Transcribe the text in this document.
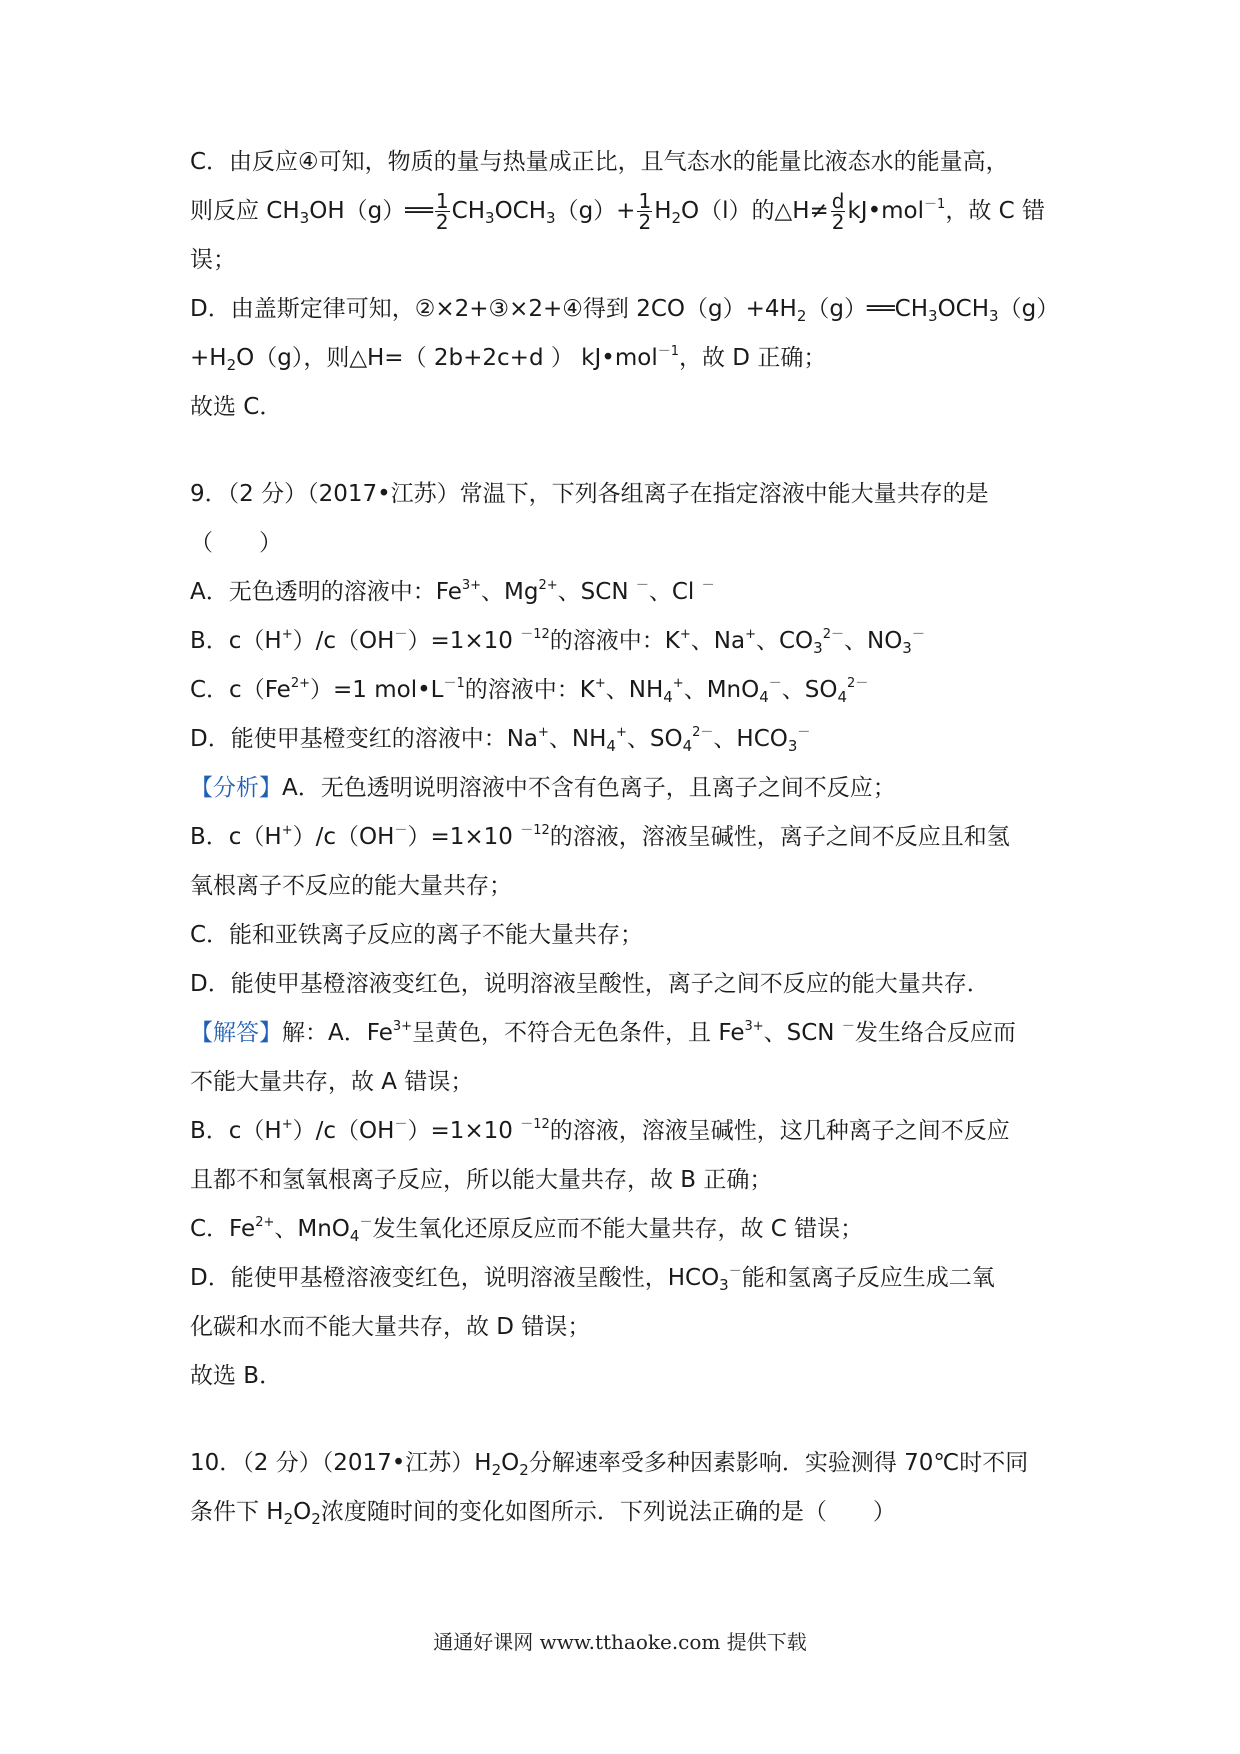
C．由反应④可知，物质的量与热量成正比，且气态水的能量比液态水的能量高，
则反应 $CH_3OH(g)══ \frac{1}{2} CH_3OCH_3(g)+ \frac{1}{2} H_2O(l)$的△H≠ $\frac{d}{2}$ kJ•mol$^{-1}$，故 C 错
误；
D．由盖斯定律可知，②×2+③×2+④得到 $2CO(g)+4H_2(g)══CH_3OCH_3(g)$
$+H_2O(g)$，则△H=（ 2b+2c+d ） kJ•mol$^{-1}$，故 D 正确；
故选 C．
9．（2 分）（2017•江苏）常温下，下列各组离子在指定溶液中能大量共存的是
（　　）
A．无色透明的溶液中：$Fe^{3+}$、$Mg^{2+}$、SCN －、Cl －
B．c（H+）/c（OH－）=1×10 $^{-12}$的溶液中：K+、Na+、$CO_3^{2-}$、$NO_3^-$
C．$c(Fe^{2+})=1$ $mol•L^{-1}$的溶液中：K+、$NH_4^+$、MnO$_4$－、$SO_4^{2-}$
D．能使甲基橙变红的溶液中：Na+、$NH_4^+$、$SO_4^{2-}$、$HCO_3^-$
【分析】A．无色透明说明溶液中不含有色离子，且离子之间不反应；
B．c（H+）/c（OH－）=1×10 $^{-12}$的溶液，溶液呈碱性，离子之间不反应且和氢
氧根离子不反应的能大量共存；
C．能和亚铁离子反应的离子不能大量共存；
D．能使甲基橙溶液变红色，说明溶液呈酸性，离子之间不反应的能大量共存．
【解答】解：A．$Fe^{3+}$呈黄色，不符合无色条件，且 $Fe^{3+}$、SCN －发生络合反应而
不能大量共存，故 A 错误；
B．c（H+）/c（OH－）=1×10 $^{-12}$的溶液，溶液呈碱性，这几种离子之间不反应
且都不和氢氧根离子反应，所以能大量共存，故 B 正确；
C．$Fe^{2+}$、MnO$_4$－发生氧化还原反应而不能大量共存，故 C 错误；
D．能使甲基橙溶液变红色，说明溶液呈酸性，$HCO_3^-$能和氢离子反应生成二氧
化碳和水而不能大量共存，故 D 错误；
故选 B．
10．（2 分）（2017•江苏）$H_2O_2$分解速率受多种因素影响．实验测得 70℃时不同
条件下 $H_2O_2$浓度随时间的变化如图所示．下列说法正确的是（　　）
通通好课网 www.tthaoke.com 提供下载
